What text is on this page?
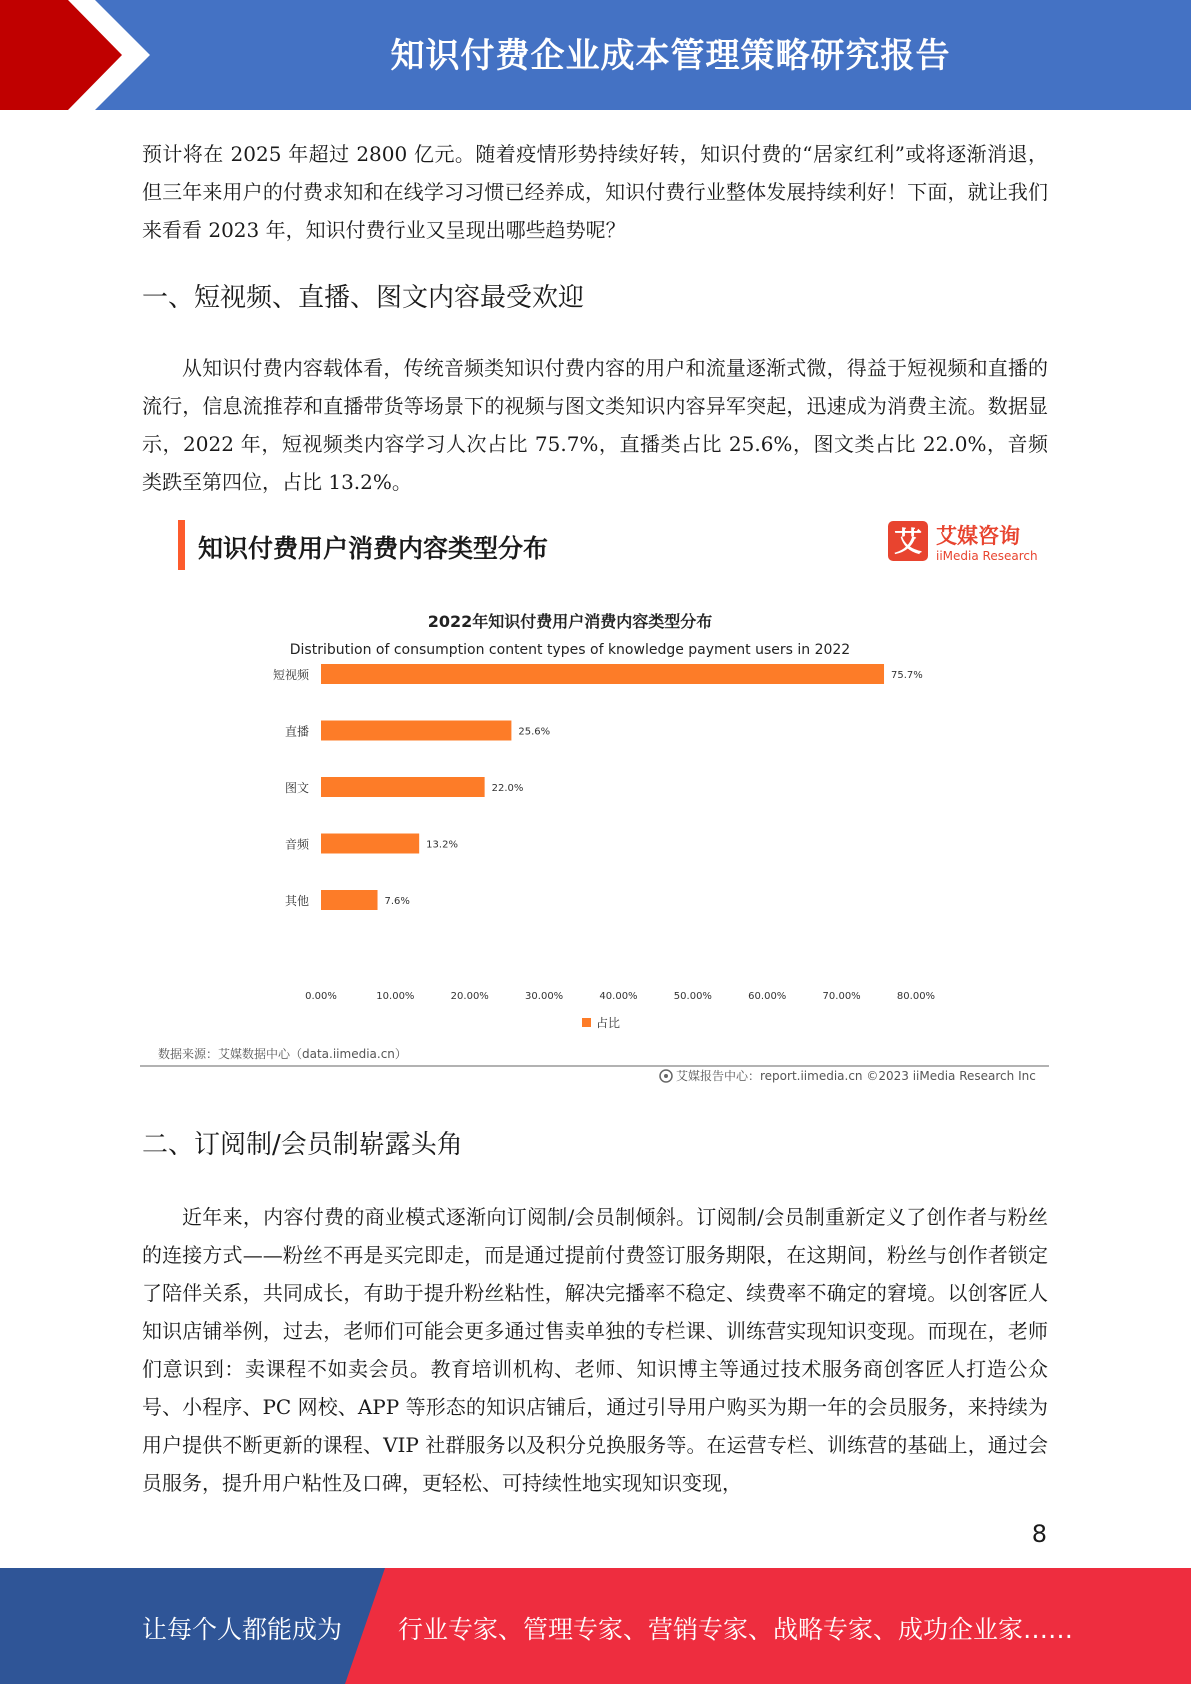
知识付费企业成本管理策略研究报告

预计将在 2025 年超过 2800 亿元。随着疫情形势持续好转，知识付费的“居家红利”或将逐渐消退，但三年来用户的付费求知和在线学习习惯已经养成，知识付费行业整体发展持续利好！下面，就让我们来看看 2023 年，知识付费行业又呈现出哪些趋势呢？

一、短视频、直播、图文内容最受欢迎

从知识付费内容载体看，传统音频类知识付费内容的用户和流量逐渐式微，得益于短视频和直播的流行，信息流推荐和直播带货等场景下的视频与图文类知识内容异军突起，迅速成为消费主流。数据显示，2022 年，短视频类内容学习人次占比 75.7%，直播类占比 25.6%，图文类占比 22.0%，音频类跌至第四位，占比 13.2%。

知识付费用户消费内容类型分布	艾 艾媒咨询
iiMedia Research
2022年知识付费用户消费内容类型分布
Distribution of consumption content types of knowledge payment users in 2022
短视频	75.7%
直播	25.6%
图文	22.0%
音频	13.2%
其他	7.6%
0.00%	10.00%	20.00%	30.00%	40.00%	50.00%	60.00%	70.00%	80.00%
占比
数据来源：艾媒数据中心（data.iimedia.cn）
艾媒报告中心：report.iimedia.cn ©2023 iiMedia Research Inc
二、订阅制/会员制崭露头角

近年来，内容付费的商业模式逐渐向订阅制/会员制倾斜。订阅制/会员制重新定义了创作者与粉丝的连接方式——粉丝不再是买完即走，而是通过提前付费签订服务期限，在这期间，粉丝与创作者锁定了陪伴关系，共同成长，有助于提升粉丝粘性，解决完播率不稳定、续费率不确定的窘境。以创客匠人知识店铺举例，过去，老师们可能会更多通过售卖单独的专栏课、训练营实现知识变现。而现在，老师们意识到：卖课程不如卖会员。教育培训机构、老师、知识博主等通过技术服务商创客匠人打造公众号、小程序、PC 网校、APP 等形态的知识店铺后，通过引导用户购买为期一年的会员服务，来持续为用户提供不断更新的课程、VIP 社群服务以及积分兑换服务等。在运营专栏、训练营的基础上，通过会员服务，提升用户粘性及口碑，更轻松、可持续性地实现知识变现，

8
让每个人都能成为 行业专家、管理专家、营销专家、战略专家、成功企业家……
